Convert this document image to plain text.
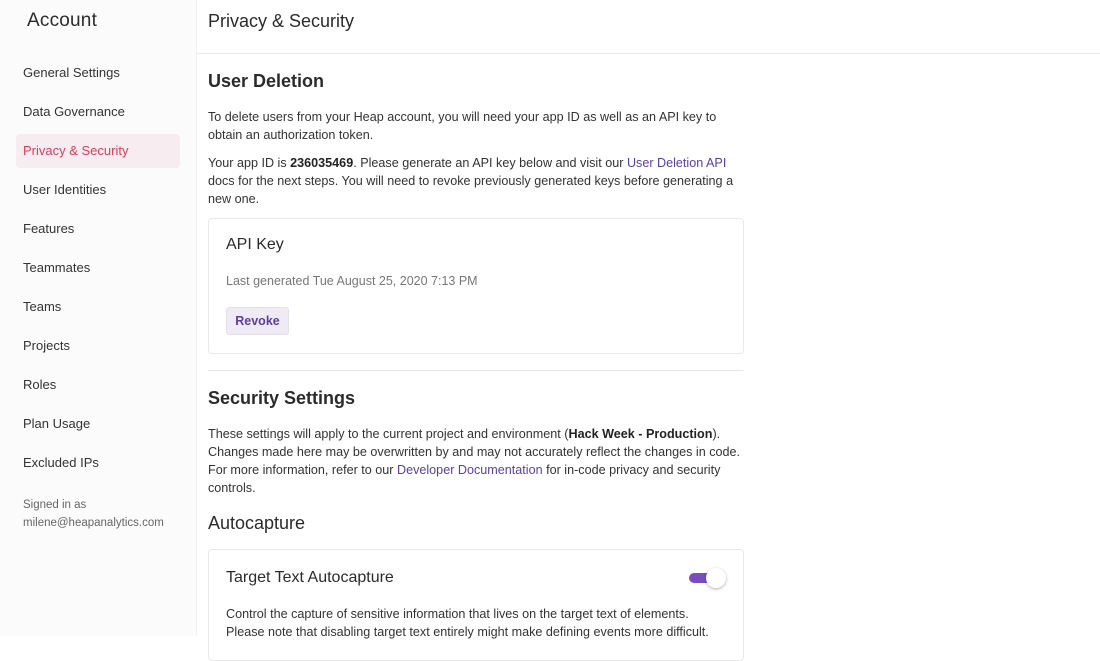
Account
General Settings
Data Governance
Privacy & Security
User Identities
Features
Teammates
Teams
Projects
Roles
Plan Usage
Excluded IPs
Signed in as
milene@heapanalytics.com
Privacy & Security
User Deletion
To delete users from your Heap account, you will need your app ID as well as an API key to obtain an authorization token.
Your app ID is 236035469. Please generate an API key below and visit our User Deletion API docs for the next steps. You will need to revoke previously generated keys before generating a new one.
API Key
Last generated Tue August 25, 2020 7:13 PM
Revoke
Security Settings
These settings will apply to the current project and environment (Hack Week - Production). Changes made here may be overwritten by and may not accurately reflect the changes in code. For more information, refer to our Developer Documentation for in-code privacy and security controls.
Autocapture
Target Text Autocapture
Control the capture of sensitive information that lives on the target text of elements. Please note that disabling target text entirely might make defining events more difficult.
